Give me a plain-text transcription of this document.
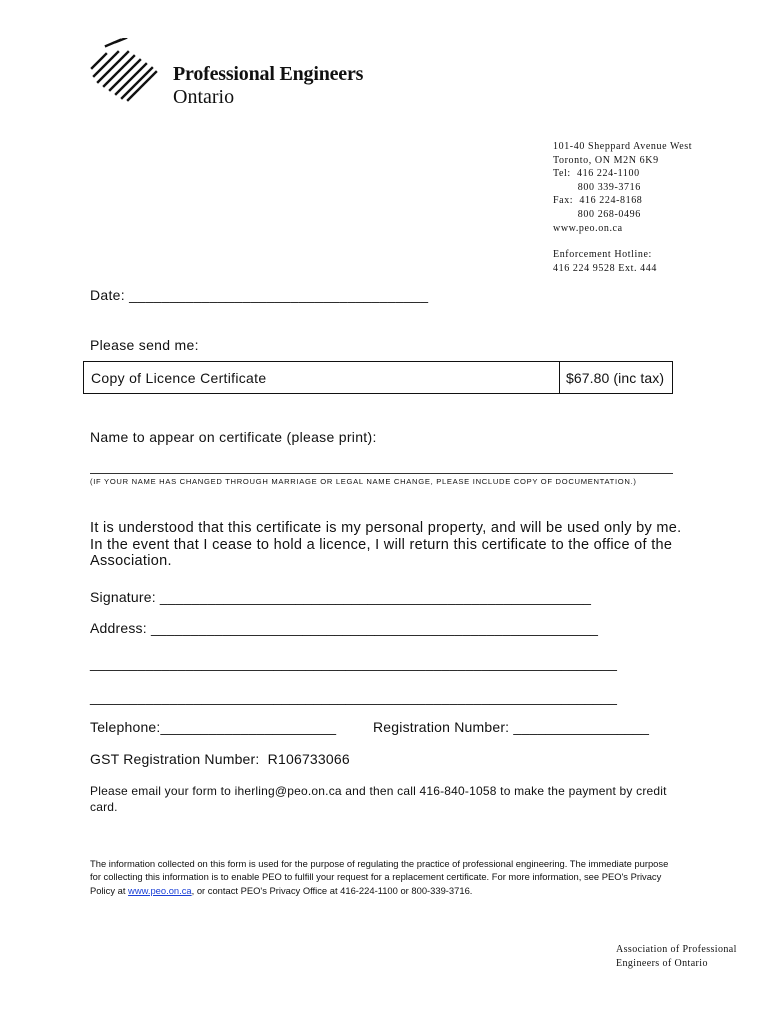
Professional Engineers
Ontario
101-40 Sheppard Avenue West
Toronto, ON M2N 6K9
Tel:  416 224-1100
800 339-3716
Fax:  416 224-8168
800 268-0496
www.peo.on.ca
Enforcement Hotline:
416 224 9528 Ext. 444
Date: _____________________________________
Please send me:
Copy of Licence Certificate	$67.80 (inc tax)
Name to appear on certificate (please print):
(IF YOUR NAME HAS CHANGED THROUGH MARRIAGE OR LEGAL NAME CHANGE, PLEASE INCLUDE COPY OF DOCUMENTATION.)
It is understood that this certificate is my personal property, and will be used only by me. In the event that I cease to hold a licence, I will return this certificate to the office of the Association.
Signature: ______________________________________________________
Address: ________________________________________________________
__________________________________________________________________
__________________________________________________________________
Telephone:______________________	Registration Number: _________________
GST Registration Number:  R106733066
Please email your form to iherling@peo.on.ca and then call 416-840-1058 to make the payment by credit card.
The information collected on this form is used for the purpose of regulating the practice of professional engineering. The immediate purpose for collecting this information is to enable PEO to fulfill your request for a replacement certificate. For more information, see PEO's Privacy Policy at www.peo.on.ca, or contact PEO's Privacy Office at 416-224-1100 or 800-339-3716.
Association of Professional
Engineers of Ontario
